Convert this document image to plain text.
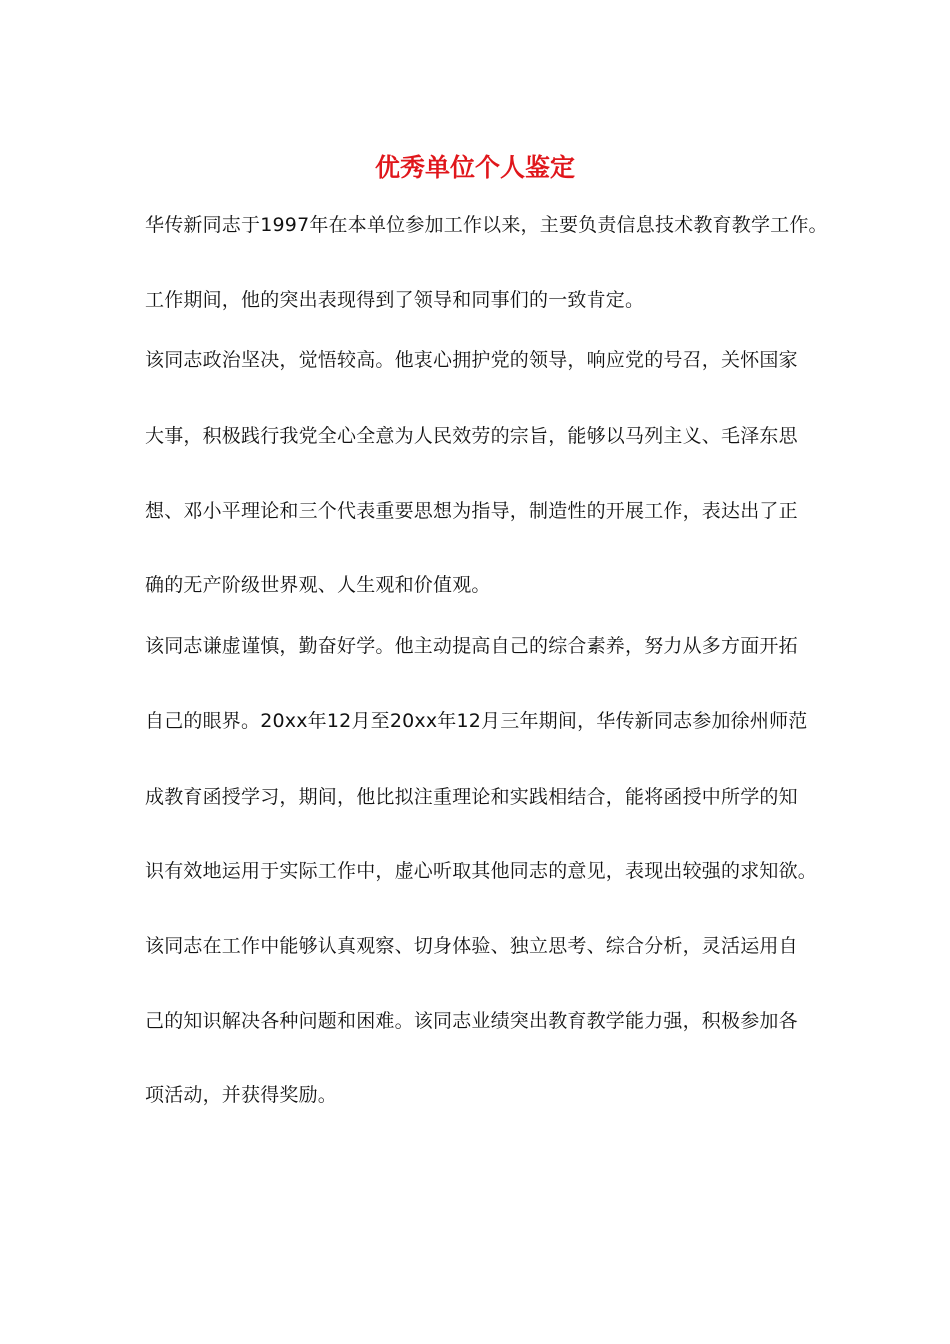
优秀单位个人鉴定

华传新同志于1997年在本单位参加工作以来，主要负责信息技术教育教学工作。

工作期间，他的突出表现得到了领导和同事们的一致肯定。

该同志政治坚决，觉悟较高。他衷心拥护党的领导，响应党的号召，关怀国家

大事，积极践行我党全心全意为人民效劳的宗旨，能够以马列主义、毛泽东思

想、邓小平理论和三个代表重要思想为指导，制造性的开展工作，表达出了正

确的无产阶级世界观、人生观和价值观。

该同志谦虚谨慎，勤奋好学。他主动提高自己的综合素养，努力从多方面开拓

自己的眼界。20xx年12月至20xx年12月三年期间，华传新同志参加徐州师范

成教育函授学习，期间，他比拟注重理论和实践相结合，能将函授中所学的知

识有效地运用于实际工作中，虚心听取其他同志的意见，表现出较强的求知欲。

该同志在工作中能够认真观察、切身体验、独立思考、综合分析，灵活运用自

己的知识解决各种问题和困难。该同志业绩突出教育教学能力强，积极参加各

项活动，并获得奖励。
